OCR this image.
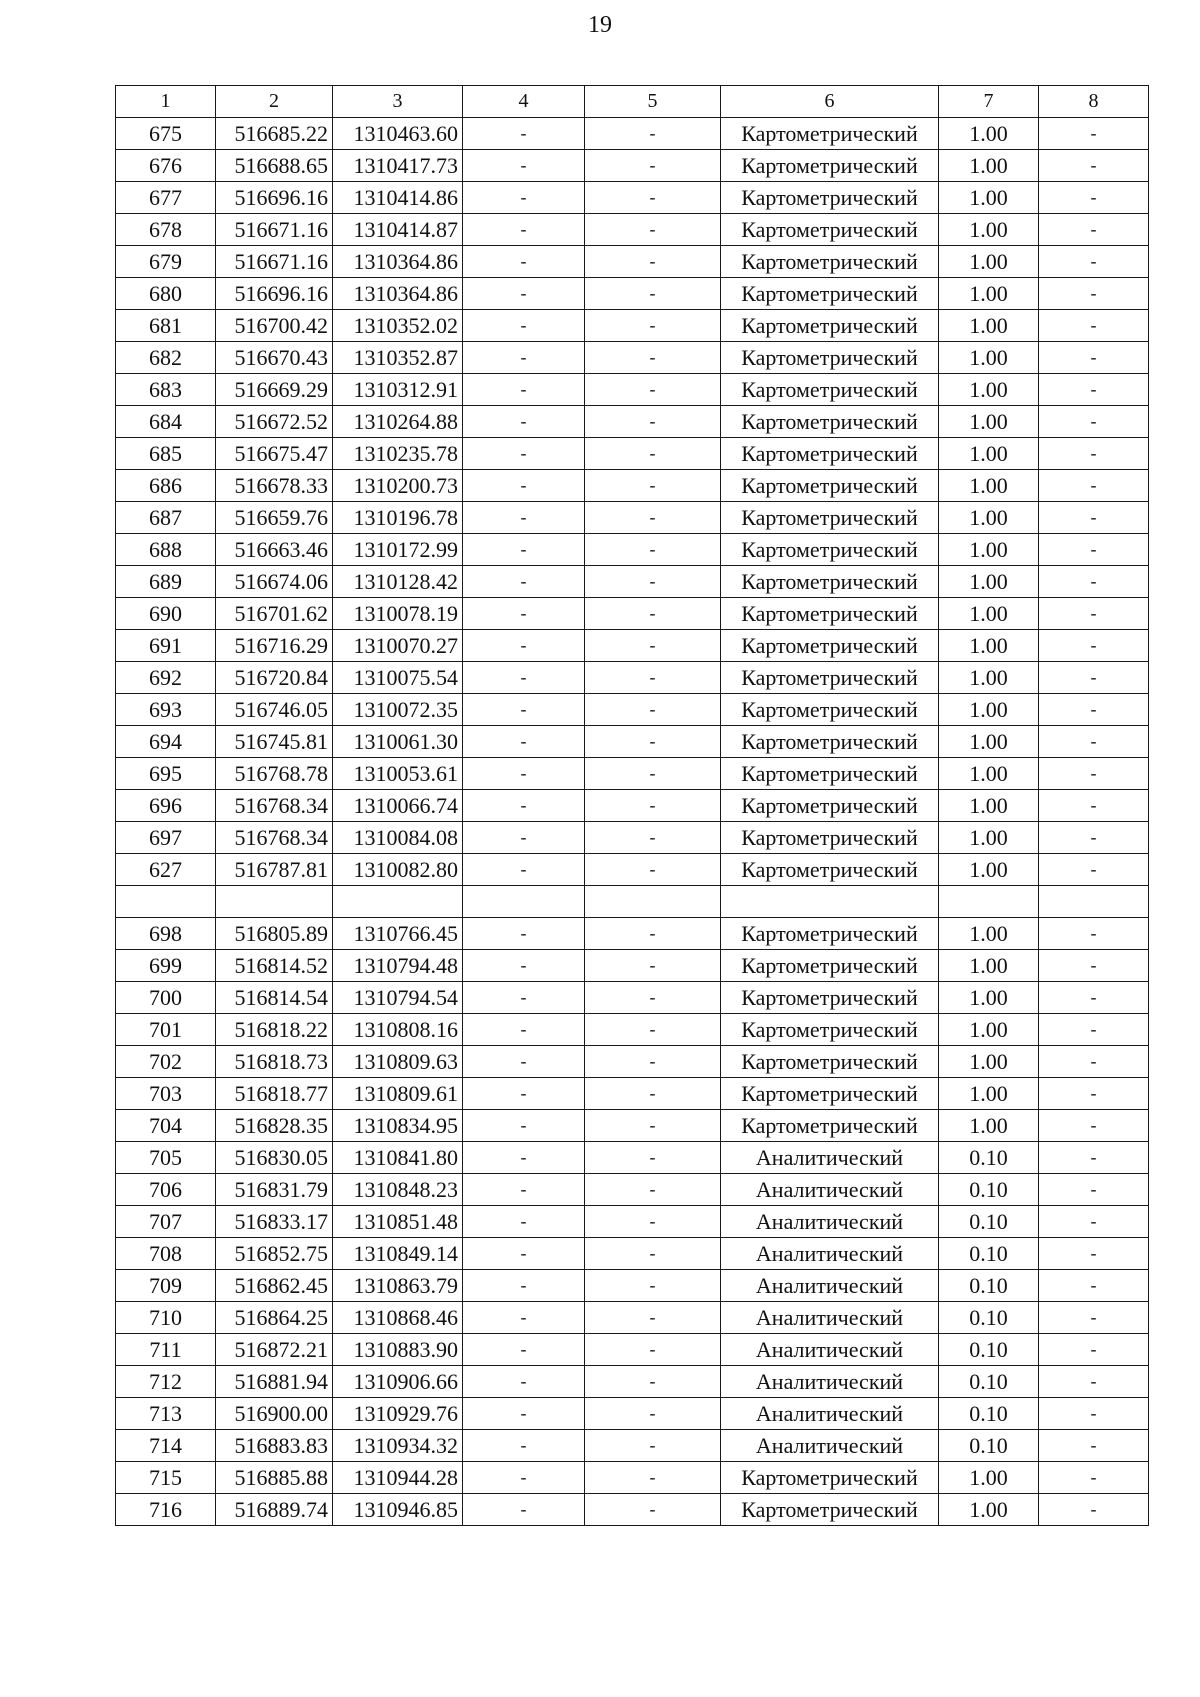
19
1	2	3	4	5	6	7	8
675	516685.22	1310463.60	-	-	Картометрический	1.00	-
676	516688.65	1310417.73	-	-	Картометрический	1.00	-
677	516696.16	1310414.86	-	-	Картометрический	1.00	-
678	516671.16	1310414.87	-	-	Картометрический	1.00	-
679	516671.16	1310364.86	-	-	Картометрический	1.00	-
680	516696.16	1310364.86	-	-	Картометрический	1.00	-
681	516700.42	1310352.02	-	-	Картометрический	1.00	-
682	516670.43	1310352.87	-	-	Картометрический	1.00	-
683	516669.29	1310312.91	-	-	Картометрический	1.00	-
684	516672.52	1310264.88	-	-	Картометрический	1.00	-
685	516675.47	1310235.78	-	-	Картометрический	1.00	-
686	516678.33	1310200.73	-	-	Картометрический	1.00	-
687	516659.76	1310196.78	-	-	Картометрический	1.00	-
688	516663.46	1310172.99	-	-	Картометрический	1.00	-
689	516674.06	1310128.42	-	-	Картометрический	1.00	-
690	516701.62	1310078.19	-	-	Картометрический	1.00	-
691	516716.29	1310070.27	-	-	Картометрический	1.00	-
692	516720.84	1310075.54	-	-	Картометрический	1.00	-
693	516746.05	1310072.35	-	-	Картометрический	1.00	-
694	516745.81	1310061.30	-	-	Картометрический	1.00	-
695	516768.78	1310053.61	-	-	Картометрический	1.00	-
696	516768.34	1310066.74	-	-	Картометрический	1.00	-
697	516768.34	1310084.08	-	-	Картометрический	1.00	-
627	516787.81	1310082.80	-	-	Картометрический	1.00	-

698	516805.89	1310766.45	-	-	Картометрический	1.00	-
699	516814.52	1310794.48	-	-	Картометрический	1.00	-
700	516814.54	1310794.54	-	-	Картометрический	1.00	-
701	516818.22	1310808.16	-	-	Картометрический	1.00	-
702	516818.73	1310809.63	-	-	Картометрический	1.00	-
703	516818.77	1310809.61	-	-	Картометрический	1.00	-
704	516828.35	1310834.95	-	-	Картометрический	1.00	-
705	516830.05	1310841.80	-	-	Аналитический	0.10	-
706	516831.79	1310848.23	-	-	Аналитический	0.10	-
707	516833.17	1310851.48	-	-	Аналитический	0.10	-
708	516852.75	1310849.14	-	-	Аналитический	0.10	-
709	516862.45	1310863.79	-	-	Аналитический	0.10	-
710	516864.25	1310868.46	-	-	Аналитический	0.10	-
711	516872.21	1310883.90	-	-	Аналитический	0.10	-
712	516881.94	1310906.66	-	-	Аналитический	0.10	-
713	516900.00	1310929.76	-	-	Аналитический	0.10	-
714	516883.83	1310934.32	-	-	Аналитический	0.10	-
715	516885.88	1310944.28	-	-	Картометрический	1.00	-
716	516889.74	1310946.85	-	-	Картометрический	1.00	-
